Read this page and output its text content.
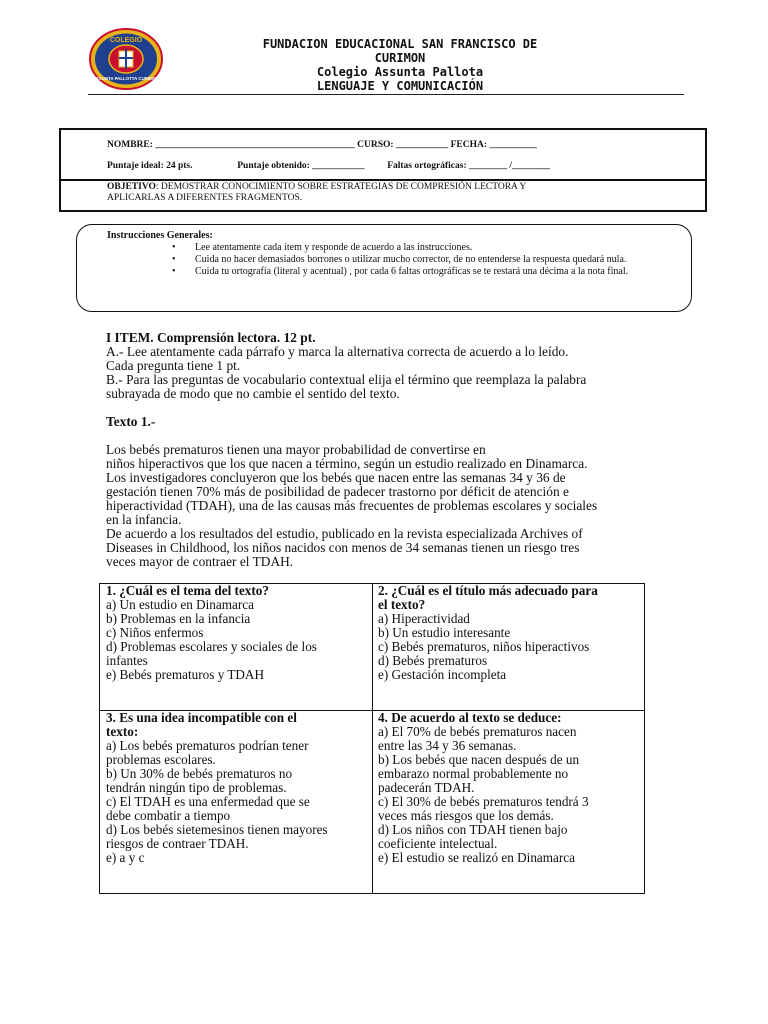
COLEGIO
ASSUNTA PALLOTTA CURIMON
FUNDACION EDUCACIONAL SAN FRANCISCO DE
CURIMON
Colegio Assunta Pallota
LENGUAJE Y COMUNICACIÓN
NOMBRE: __________________________________________ CURSO: ___________ FECHA: __________
Puntaje ideal: 24 pts.	Puntaje obtenido: ___________ Faltas ortográficas: ________ /________
OBJETIVO: DEMOSTRAR CONOCIMIENTO SOBRE ESTRATEGIAS DE COMPRESIÓN LECTORA Y
APLICARLAS A DIFERENTES FRAGMENTOS.
Instrucciones Generales:
• Lee atentamente cada ítem y responde de acuerdo a las instrucciones.
• Cuida no hacer demasiados borrones o utilizar mucho corrector, de no entenderse la respuesta quedará nula.
• Cuida tu ortografía (literal y acentual) , por cada 6 faltas ortográficas se te restará una décima a la nota final.
I ITEM. Comprensión lectora. 12 pt.
A.- Lee atentamente cada párrafo y marca la alternativa correcta de acuerdo a lo leído.
Cada pregunta tiene 1 pt.
B.- Para las preguntas de vocabulario contextual elija el término que reemplaza la palabra
subrayada de modo que no cambie el sentido del texto.
Texto 1.-
Los bebés prematuros tienen una mayor probabilidad de convertirse en
niños hiperactivos que los que nacen a término, según un estudio realizado en Dinamarca.
Los investigadores concluyeron que los bebés que nacen entre las semanas 34 y 36 de
gestación tienen 70% más de posibilidad de padecer trastorno por déficit de atención e
hiperactividad (TDAH), una de las causas más frecuentes de problemas escolares y sociales
en la infancia.
De acuerdo a los resultados del estudio, publicado en la revista especializada Archives of
Diseases in Childhood, los niños nacidos con menos de 34 semanas tienen un riesgo tres
veces mayor de contraer el TDAH.
1. ¿Cuál es el tema del texto?
a) Un estudio en Dinamarca
b) Problemas en la infancia
c) Niños enfermos
d) Problemas escolares y sociales de los
infantes
e) Bebés prematuros y TDAH
2. ¿Cuál es el título más adecuado para
el texto?
a) Hiperactividad
b) Un estudio interesante
c) Bebés prematuros, niños hiperactivos
d) Bebés prematuros
e) Gestación incompleta
3. Es una idea incompatible con el
texto:
a) Los bebés prematuros podrían tener
problemas escolares.
b) Un 30% de bebés prematuros no
tendrán ningún tipo de problemas.
c) El TDAH es una enfermedad que se
debe combatir a tiempo
d) Los bebés sietemesinos tienen mayores
riesgos de contraer TDAH.
e) a y c
4. De acuerdo al texto se deduce:
a) El 70% de bebés prematuros nacen
entre las 34 y 36 semanas.
b) Los bebés que nacen después de un
embarazo normal probablemente no
padecerán TDAH.
c) El 30% de bebés prematuros tendrá 3
veces más riesgos que los demás.
d) Los niños con TDAH tienen bajo
coeficiente intelectual.
e) El estudio se realizó en Dinamarca
